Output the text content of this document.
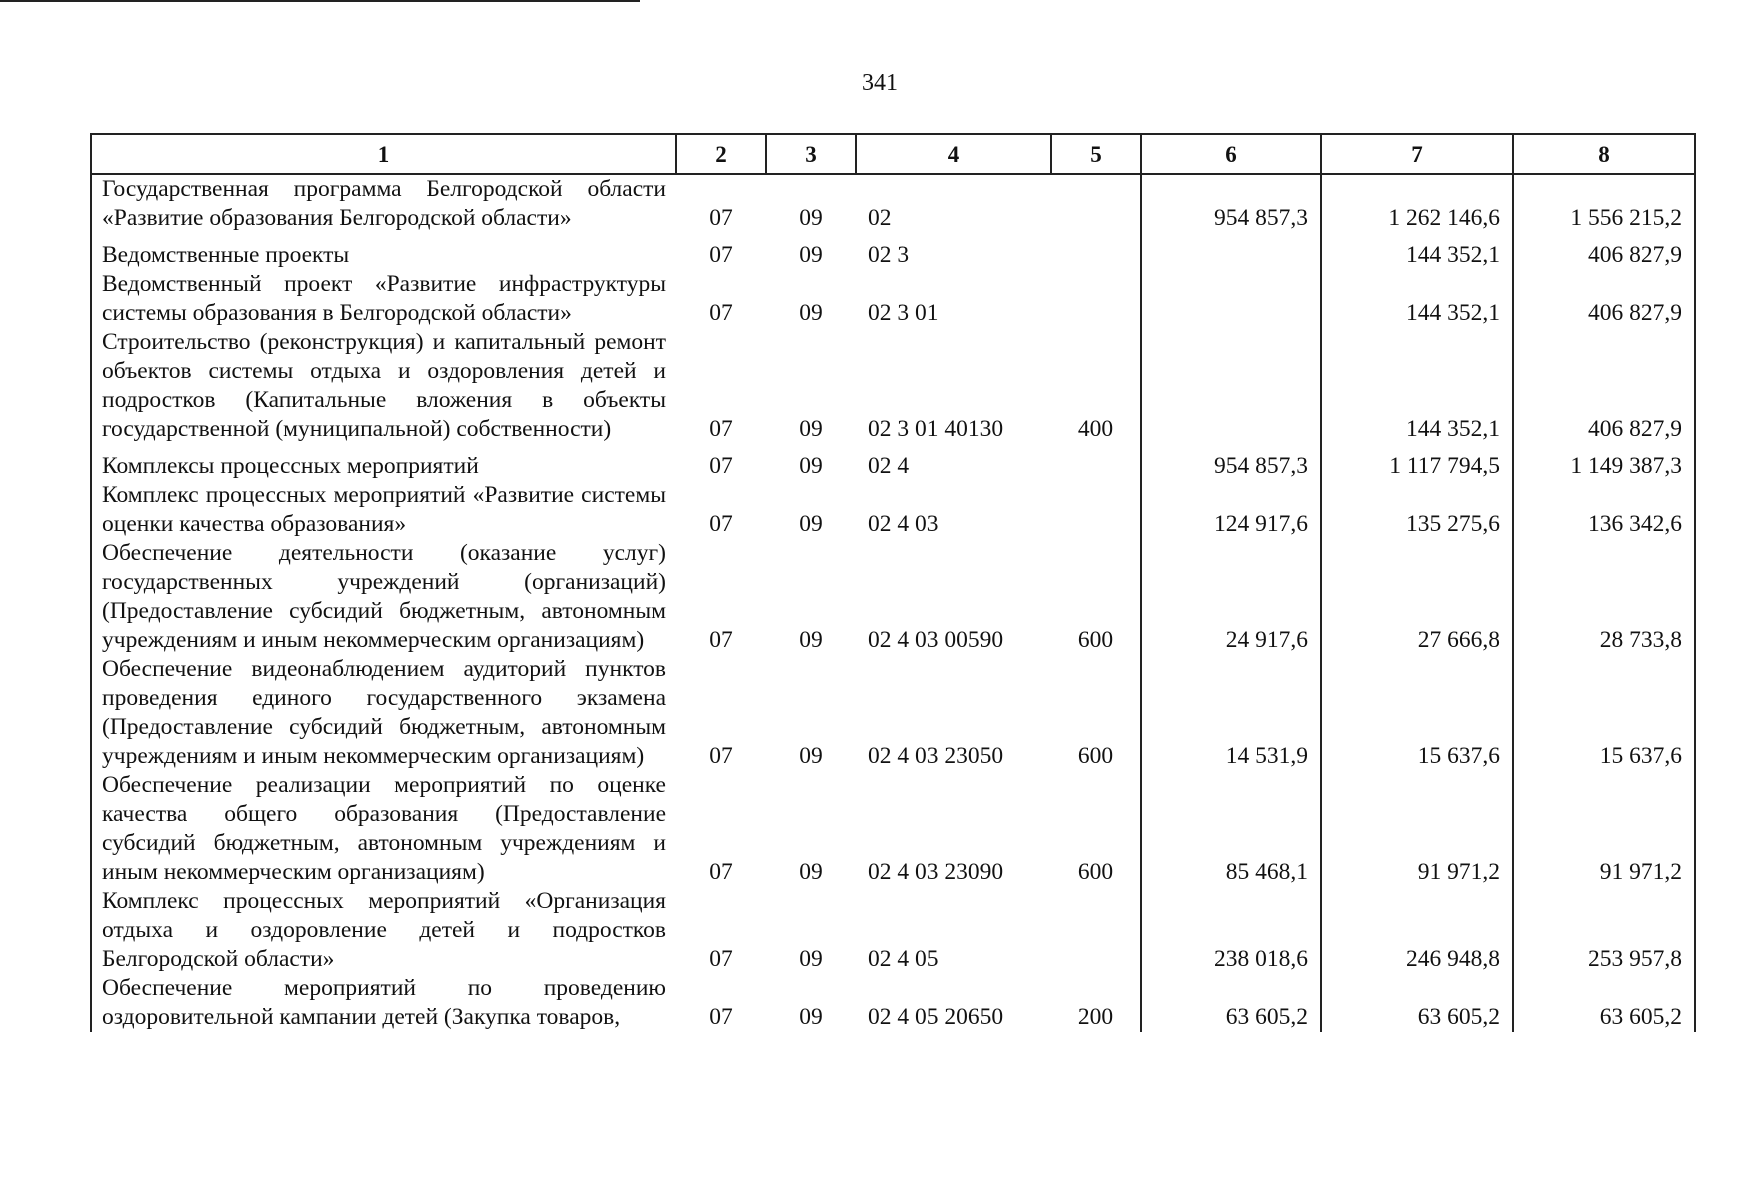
341
1	2	3	4	5	6	7	8
Государственная программа Белгородской области «Развитие образования Белгородской области»	07	09	02		954 857,3	1 262 146,6	1 556 215,2
Ведомственные проекты	07	09	02 3			144 352,1	406 827,9
Ведомственный проект «Развитие инфраструктуры системы образования в Белгородской области»	07	09	02 3 01			144 352,1	406 827,9
Строительство (реконструкция) и капитальный ремонт объектов системы отдыха и оздоровления детей и подростков (Капитальные вложения в объекты государственной (муниципальной) собственности)	07	09	02 3 01 40130	400		144 352,1	406 827,9
Комплексы процессных мероприятий	07	09	02 4		954 857,3	1 117 794,5	1 149 387,3
Комплекс процессных мероприятий «Развитие системы оценки качества образования»	07	09	02 4 03		124 917,6	135 275,6	136 342,6
Обеспечение деятельности (оказание услуг) государственных учреждений (организаций) (Предоставление субсидий бюджетным, автономным учреждениям и иным некоммерческим организациям)	07	09	02 4 03 00590	600	24 917,6	27 666,8	28 733,8
Обеспечение видеонаблюдением аудиторий пунктов проведения единого государственного экзамена (Предоставление субсидий бюджетным, автономным учреждениям и иным некоммерческим организациям)	07	09	02 4 03 23050	600	14 531,9	15 637,6	15 637,6
Обеспечение реализации мероприятий по оценке качества общего образования (Предоставление субсидий бюджетным, автономным учреждениям и иным некоммерческим организациям)	07	09	02 4 03 23090	600	85 468,1	91 971,2	91 971,2
Комплекс процессных мероприятий «Организация отдыха и оздоровление детей и подростков Белгородской области»	07	09	02 4 05		238 018,6	246 948,8	253 957,8
Обеспечение мероприятий по проведению оздоровительной кампании детей (Закупка товаров,	07	09	02 4 05 20650	200	63 605,2	63 605,2	63 605,2
